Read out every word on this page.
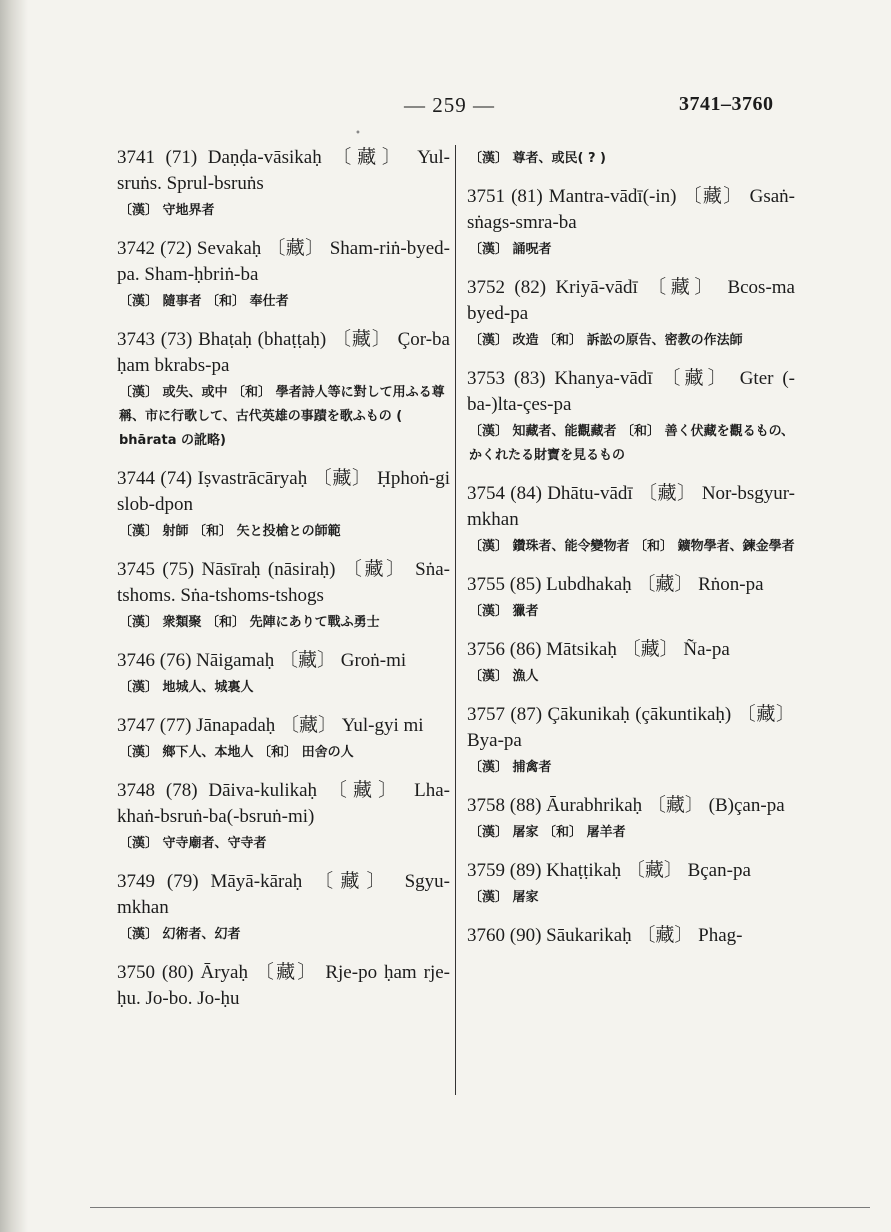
•
— 259 —	3741–3760

3741 (71) Daṇḍa-vāsikaḥ 〔藏〕 Yul-sruṅs. Sprul-bsruṅs

〔漢〕 守地界者

3742 (72) Sevakaḥ 〔藏〕 Sham-riṅ-byed-pa. Sham-ḥbriṅ-ba

〔漢〕 隨事者 〔和〕 奉仕者

3743 (73) Bhaṭaḥ (bhaṭṭaḥ) 〔藏〕 Çor-ba ḥam bkrabs-pa

〔漢〕 或失、或中 〔和〕 學者詩人等に對して用ふる尊稱、市に行歌して、古代英雄の事蹟を歌ふもの ( bhārata の訛略)

3744 (74) Iṣvastrācāryaḥ 〔藏〕 Ḥphoṅ-gi slob-dpon

〔漢〕 射師 〔和〕 矢と投槍との師範

3745 (75) Nāsīraḥ (nāsiraḥ) 〔藏〕 Sṅa-tshoms. Sṅa-tshoms-tshogs

〔漢〕 衆類聚 〔和〕 先陣にありて戰ふ勇士

3746 (76) Nāigamaḥ 〔藏〕 Groṅ-mi

〔漢〕 地城人、城裏人

3747 (77) Jānapadaḥ 〔藏〕 Yul-gyi mi

〔漢〕 鄉下人、本地人 〔和〕 田舍の人

3748 (78) Dāiva-kulikaḥ 〔藏〕 Lha-khaṅ-bsruṅ-ba(-bsruṅ-mi)

〔漢〕 守寺廟者、守寺者

3749 (79) Māyā-kāraḥ 〔藏〕 Sgyu-mkhan

〔漢〕 幻術者、幻者

3750 (80) Āryaḥ 〔藏〕 Rje-po ḥam rje-ḥu. Jo-bo. Jo-ḥu

〔漢〕 尊者、或民( ? )

3751 (81) Mantra-vādī(-in) 〔藏〕 Gsaṅ-sṅags-smra-ba

〔漢〕 誦呪者

3752 (82) Kriyā-vādī 〔藏〕 Bcos-ma byed-pa

〔漢〕 改造 〔和〕 訴訟の原告、密教の作法師

3753 (83) Khanya-vādī 〔藏〕 Gter (-ba-)lta-çes-pa

〔漢〕 知藏者、能觀藏者 〔和〕 善く伏藏を觀るもの、かくれたる財寶を見るもの

3754 (84) Dhātu-vādī 〔藏〕 Nor-bsgyur-mkhan

〔漢〕 鑽珠者、能令變物者 〔和〕 鑛物學者、鍊金學者

3755 (85) Lubdhakaḥ 〔藏〕 Rṅon-pa

〔漢〕 獵者

3756 (86) Mātsikaḥ 〔藏〕 Ña-pa

〔漢〕 漁人

3757 (87) Çākunikaḥ (çākuntikaḥ) 〔藏〕 Bya-pa

〔漢〕 捕禽者

3758 (88) Āurabhrikaḥ 〔藏〕 (B)çan-pa

〔漢〕 屠家 〔和〕 屠羊者

3759 (89) Khaṭṭikaḥ 〔藏〕 Bçan-pa

〔漢〕 屠家

3760 (90) Sāukarikaḥ 〔藏〕 Phag-
